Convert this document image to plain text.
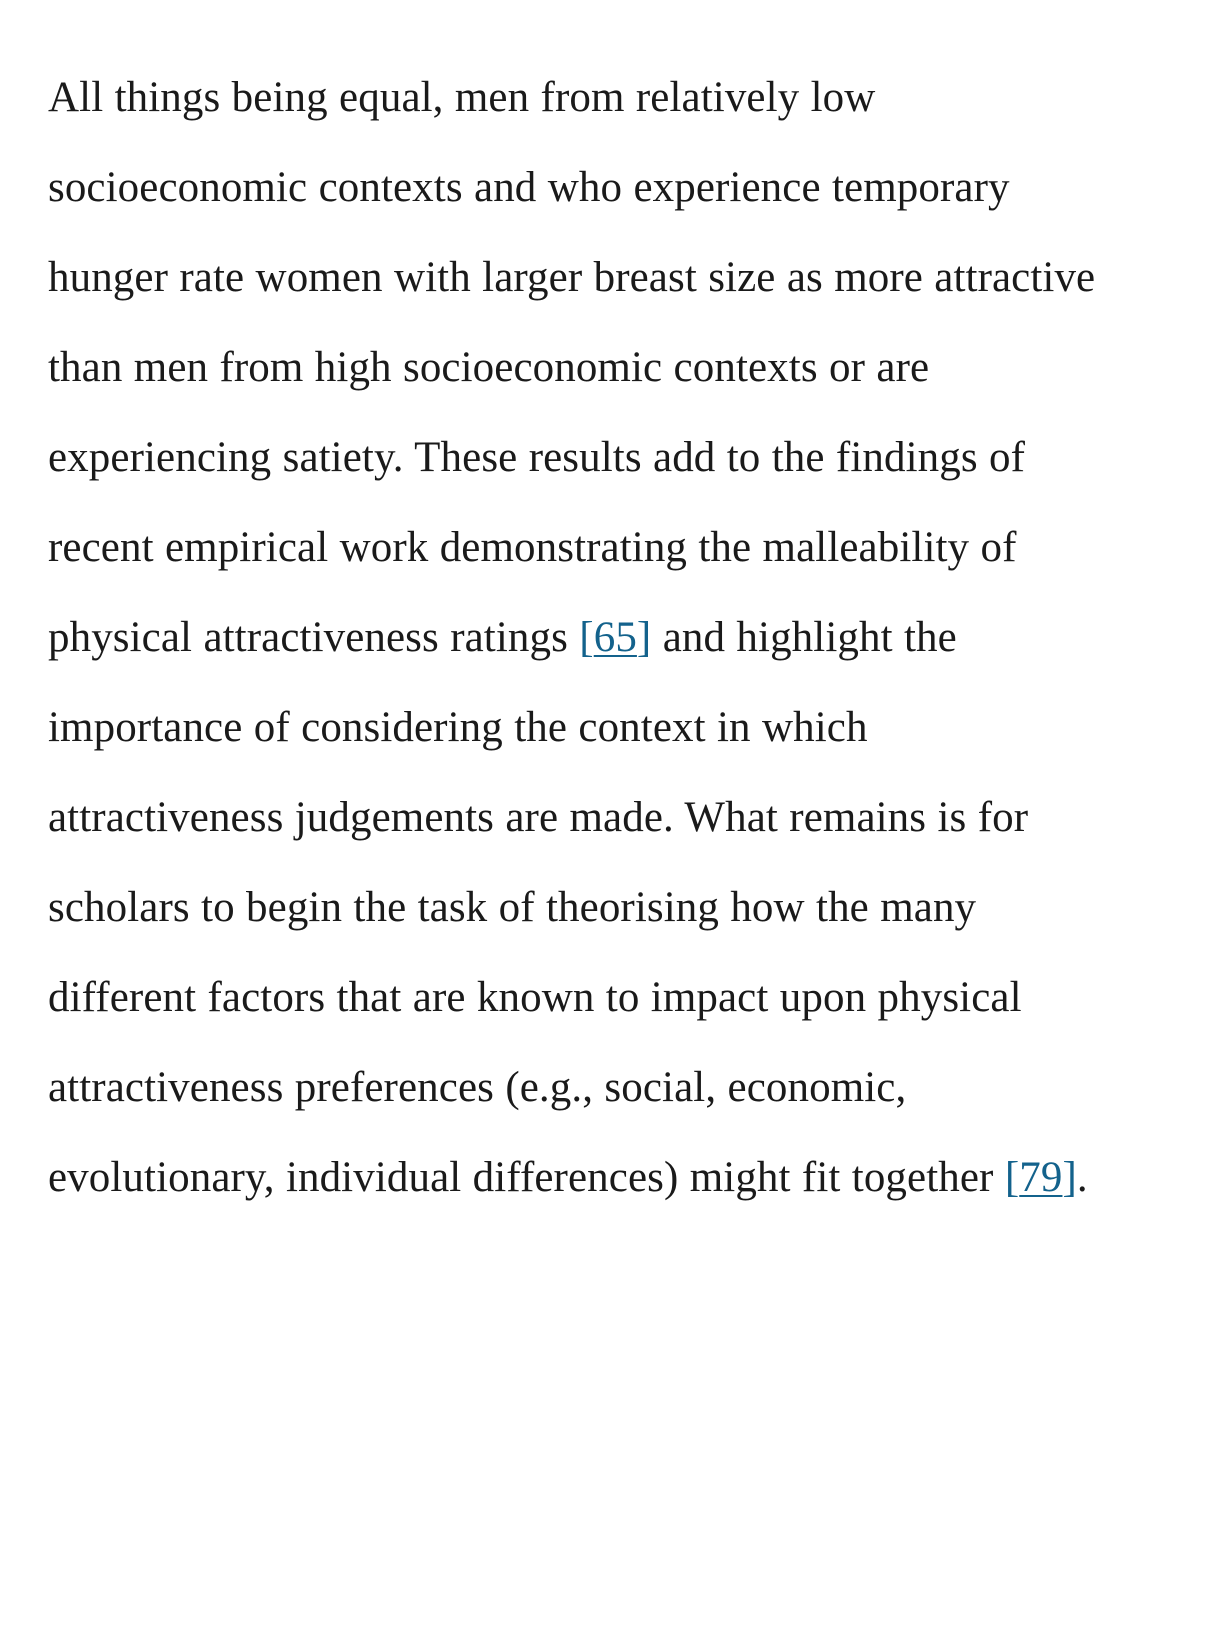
All things being equal, men from relatively low socioeconomic contexts and who experience temporary hunger rate women with larger breast size as more attractive than men from high socioeconomic contexts or are experiencing satiety. These results add to the findings of recent empirical work demonstrating the malleability of physical attractiveness ratings [65] and highlight the importance of considering the context in which attractiveness judgements are made. What remains is for scholars to begin the task of theorising how the many different factors that are known to impact upon physical attractiveness preferences (e.g., social, economic, evolutionary, individual differences) might fit together [79].
